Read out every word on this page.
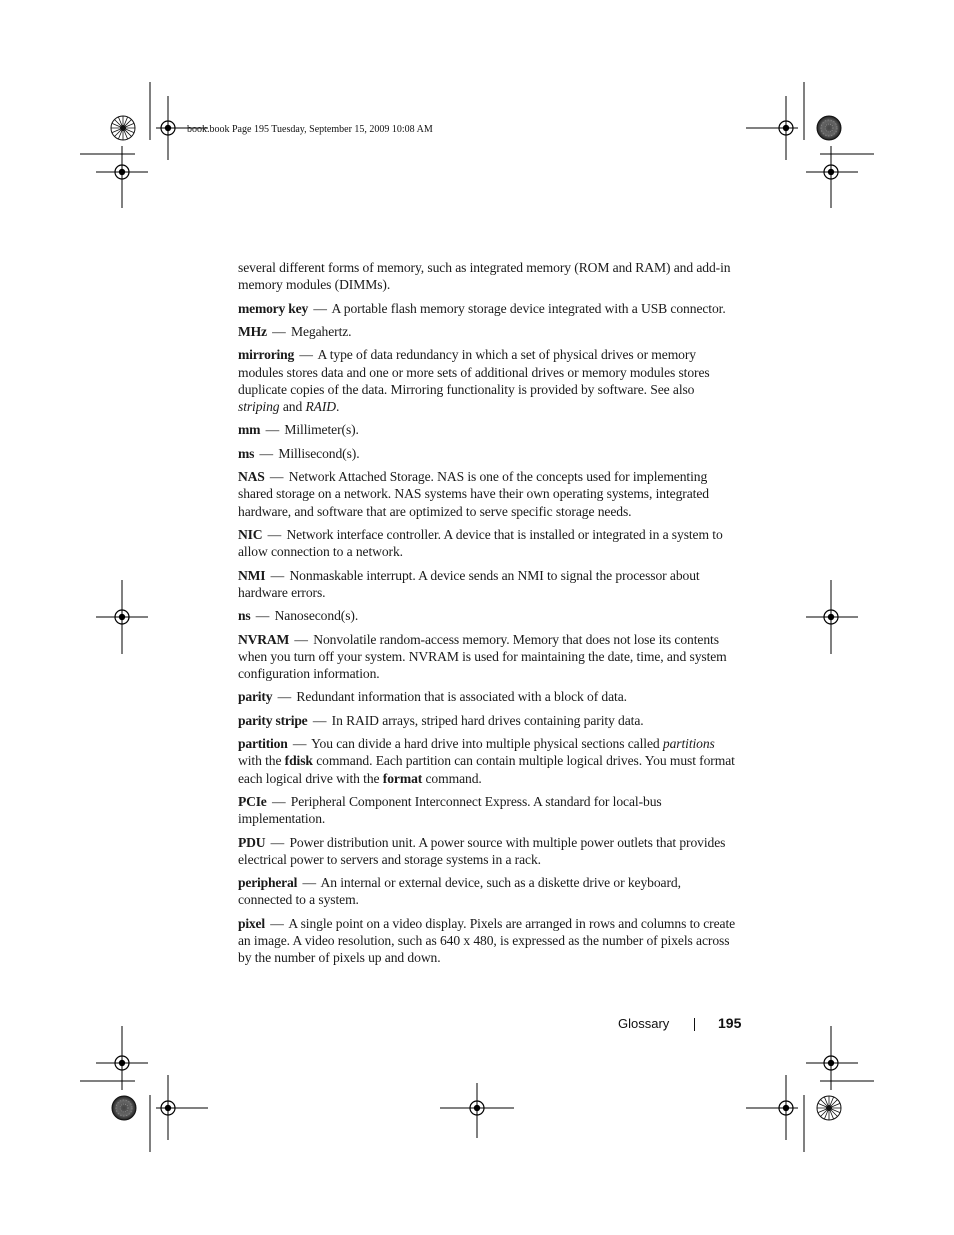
book.book Page 195 Tuesday, September 15, 2009 10:08 AM

several different forms of memory, such as integrated memory (ROM and RAM) and add-in memory modules (DIMMs).

memory key — A portable flash memory storage device integrated with a USB connector.

MHz — Megahertz.

mirroring — A type of data redundancy in which a set of physical drives or memory modules stores data and one or more sets of additional drives or memory modules stores duplicate copies of the data. Mirroring functionality is provided by software. See also striping and RAID.

mm — Millimeter(s).

ms — Millisecond(s).

NAS — Network Attached Storage. NAS is one of the concepts used for implementing shared storage on a network. NAS systems have their own operating systems, integrated hardware, and software that are optimized to serve specific storage needs.

NIC — Network interface controller. A device that is installed or integrated in a system to allow connection to a network.

NMI — Nonmaskable interrupt. A device sends an NMI to signal the processor about hardware errors.

ns — Nanosecond(s).

NVRAM — Nonvolatile random-access memory. Memory that does not lose its contents when you turn off your system. NVRAM is used for maintaining the date, time, and system configuration information.

parity — Redundant information that is associated with a block of data.

parity stripe — In RAID arrays, striped hard drives containing parity data.

partition — You can divide a hard drive into multiple physical sections called partitions with the fdisk command. Each partition can contain multiple logical drives. You must format each logical drive with the format command.

PCIe — Peripheral Component Interconnect Express. A standard for local-bus implementation.

PDU — Power distribution unit. A power source with multiple power outlets that provides electrical power to servers and storage systems in a rack.

peripheral — An internal or external device, such as a diskette drive or keyboard, connected to a system.

pixel — A single point on a video display. Pixels are arranged in rows and columns to create an image. A video resolution, such as 640 x 480, is expressed as the number of pixels across by the number of pixels up and down.

Glossary	195
